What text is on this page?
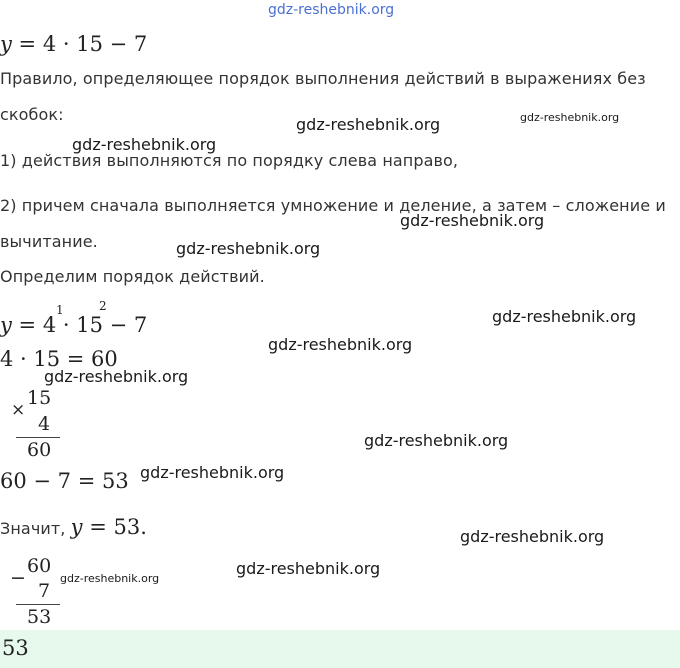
gdz-reshebnik.org
gdz-reshebnik.org	gdz-reshebnik.org
gdz-reshebnik.org
gdz-reshebnik.org
gdz-reshebnik.org
gdz-reshebnik.org
gdz-reshebnik.org
gdz-reshebnik.org
gdz-reshebnik.org
gdz-reshebnik.org
gdz-reshebnik.org
gdz-reshebnik.org
gdz-reshebnik.org
y = 4 · 15 − 7
Правило, определяющее порядок выполнения действий в выражениях без
скобок:
1) действия выполняются по порядку слева направо,
2) причем сначала выполняется умножение и деление, а затем – сложение и
вычитание.
Определим порядок действий.
y = 4 · 15 − 7
1	2
4 · 15 = 60
15
×
4
60
60 − 7 = 53
Значит, y = 53.
60
−
7
53
53
